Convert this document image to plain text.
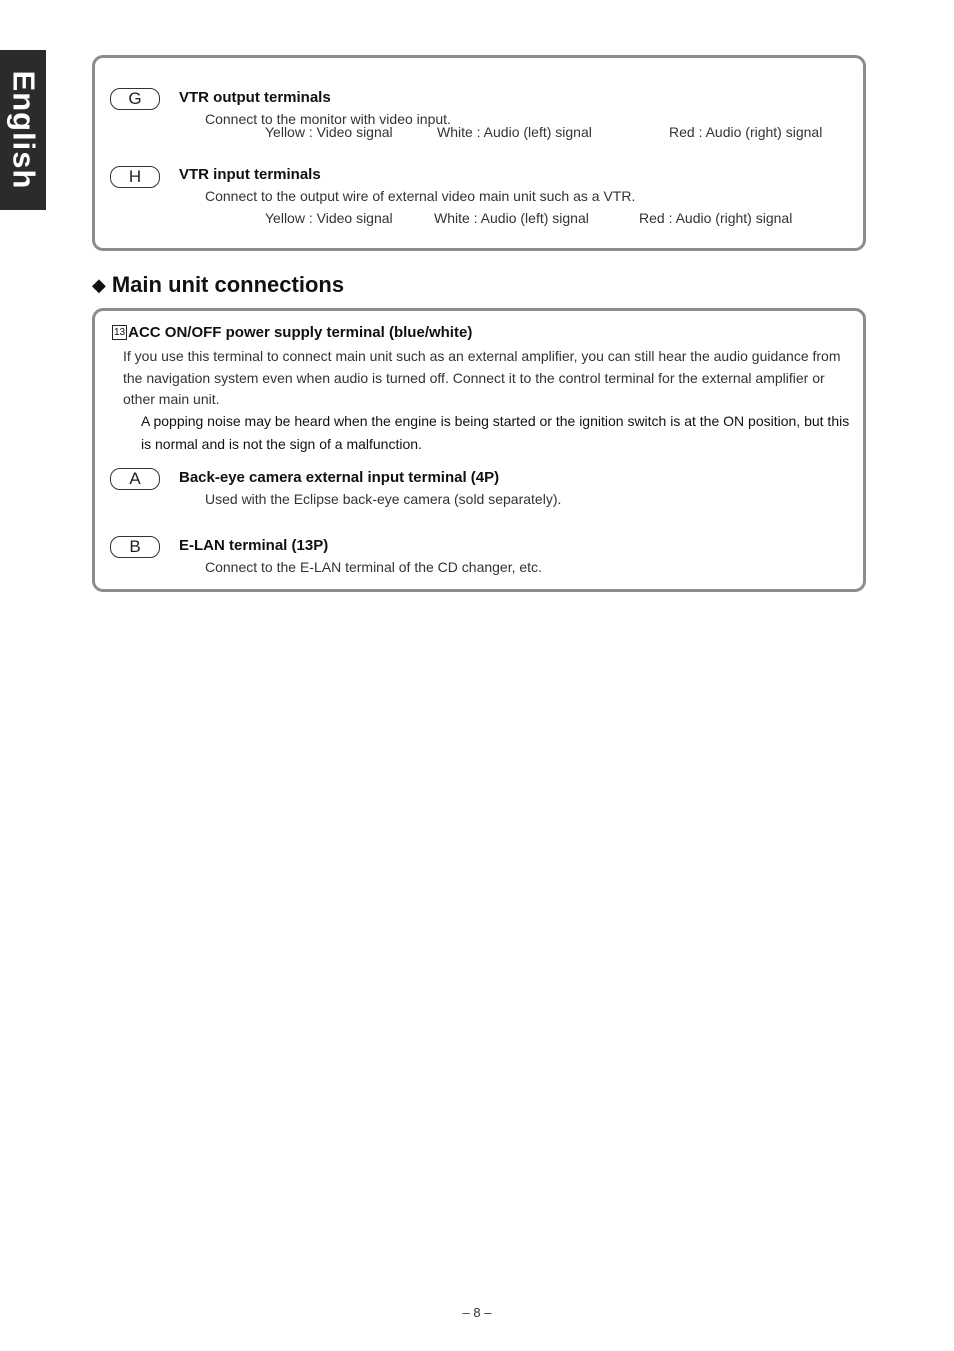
English	G	VTR output terminals
Connect to the monitor with video input.
Yellow : Video signal	White : Audio (left) signal	Red : Audio (right) signal
H	VTR input terminals
Connect to the output wire of external video main unit such as a VTR.
Yellow : Video signal	White : Audio (left) signal	Red : Audio (right) signal
◆ Main unit connections
13 ACC ON/OFF power supply terminal (blue/white)
If you use this terminal to connect main unit such as an external amplifier, you can still hear the audio guidance from the navigation system even when audio is turned off. Connect it to the control terminal for the external amplifier or other main unit.
A popping noise may be heard when the engine is being started or the ignition switch is at the ON position, but this is normal and is not the sign of a malfunction.
A	Back-eye camera external input terminal (4P)
Used with the Eclipse back-eye camera (sold separately).
B	E-LAN terminal (13P)
Connect to the E-LAN terminal of the CD changer, etc.
– 8 –
